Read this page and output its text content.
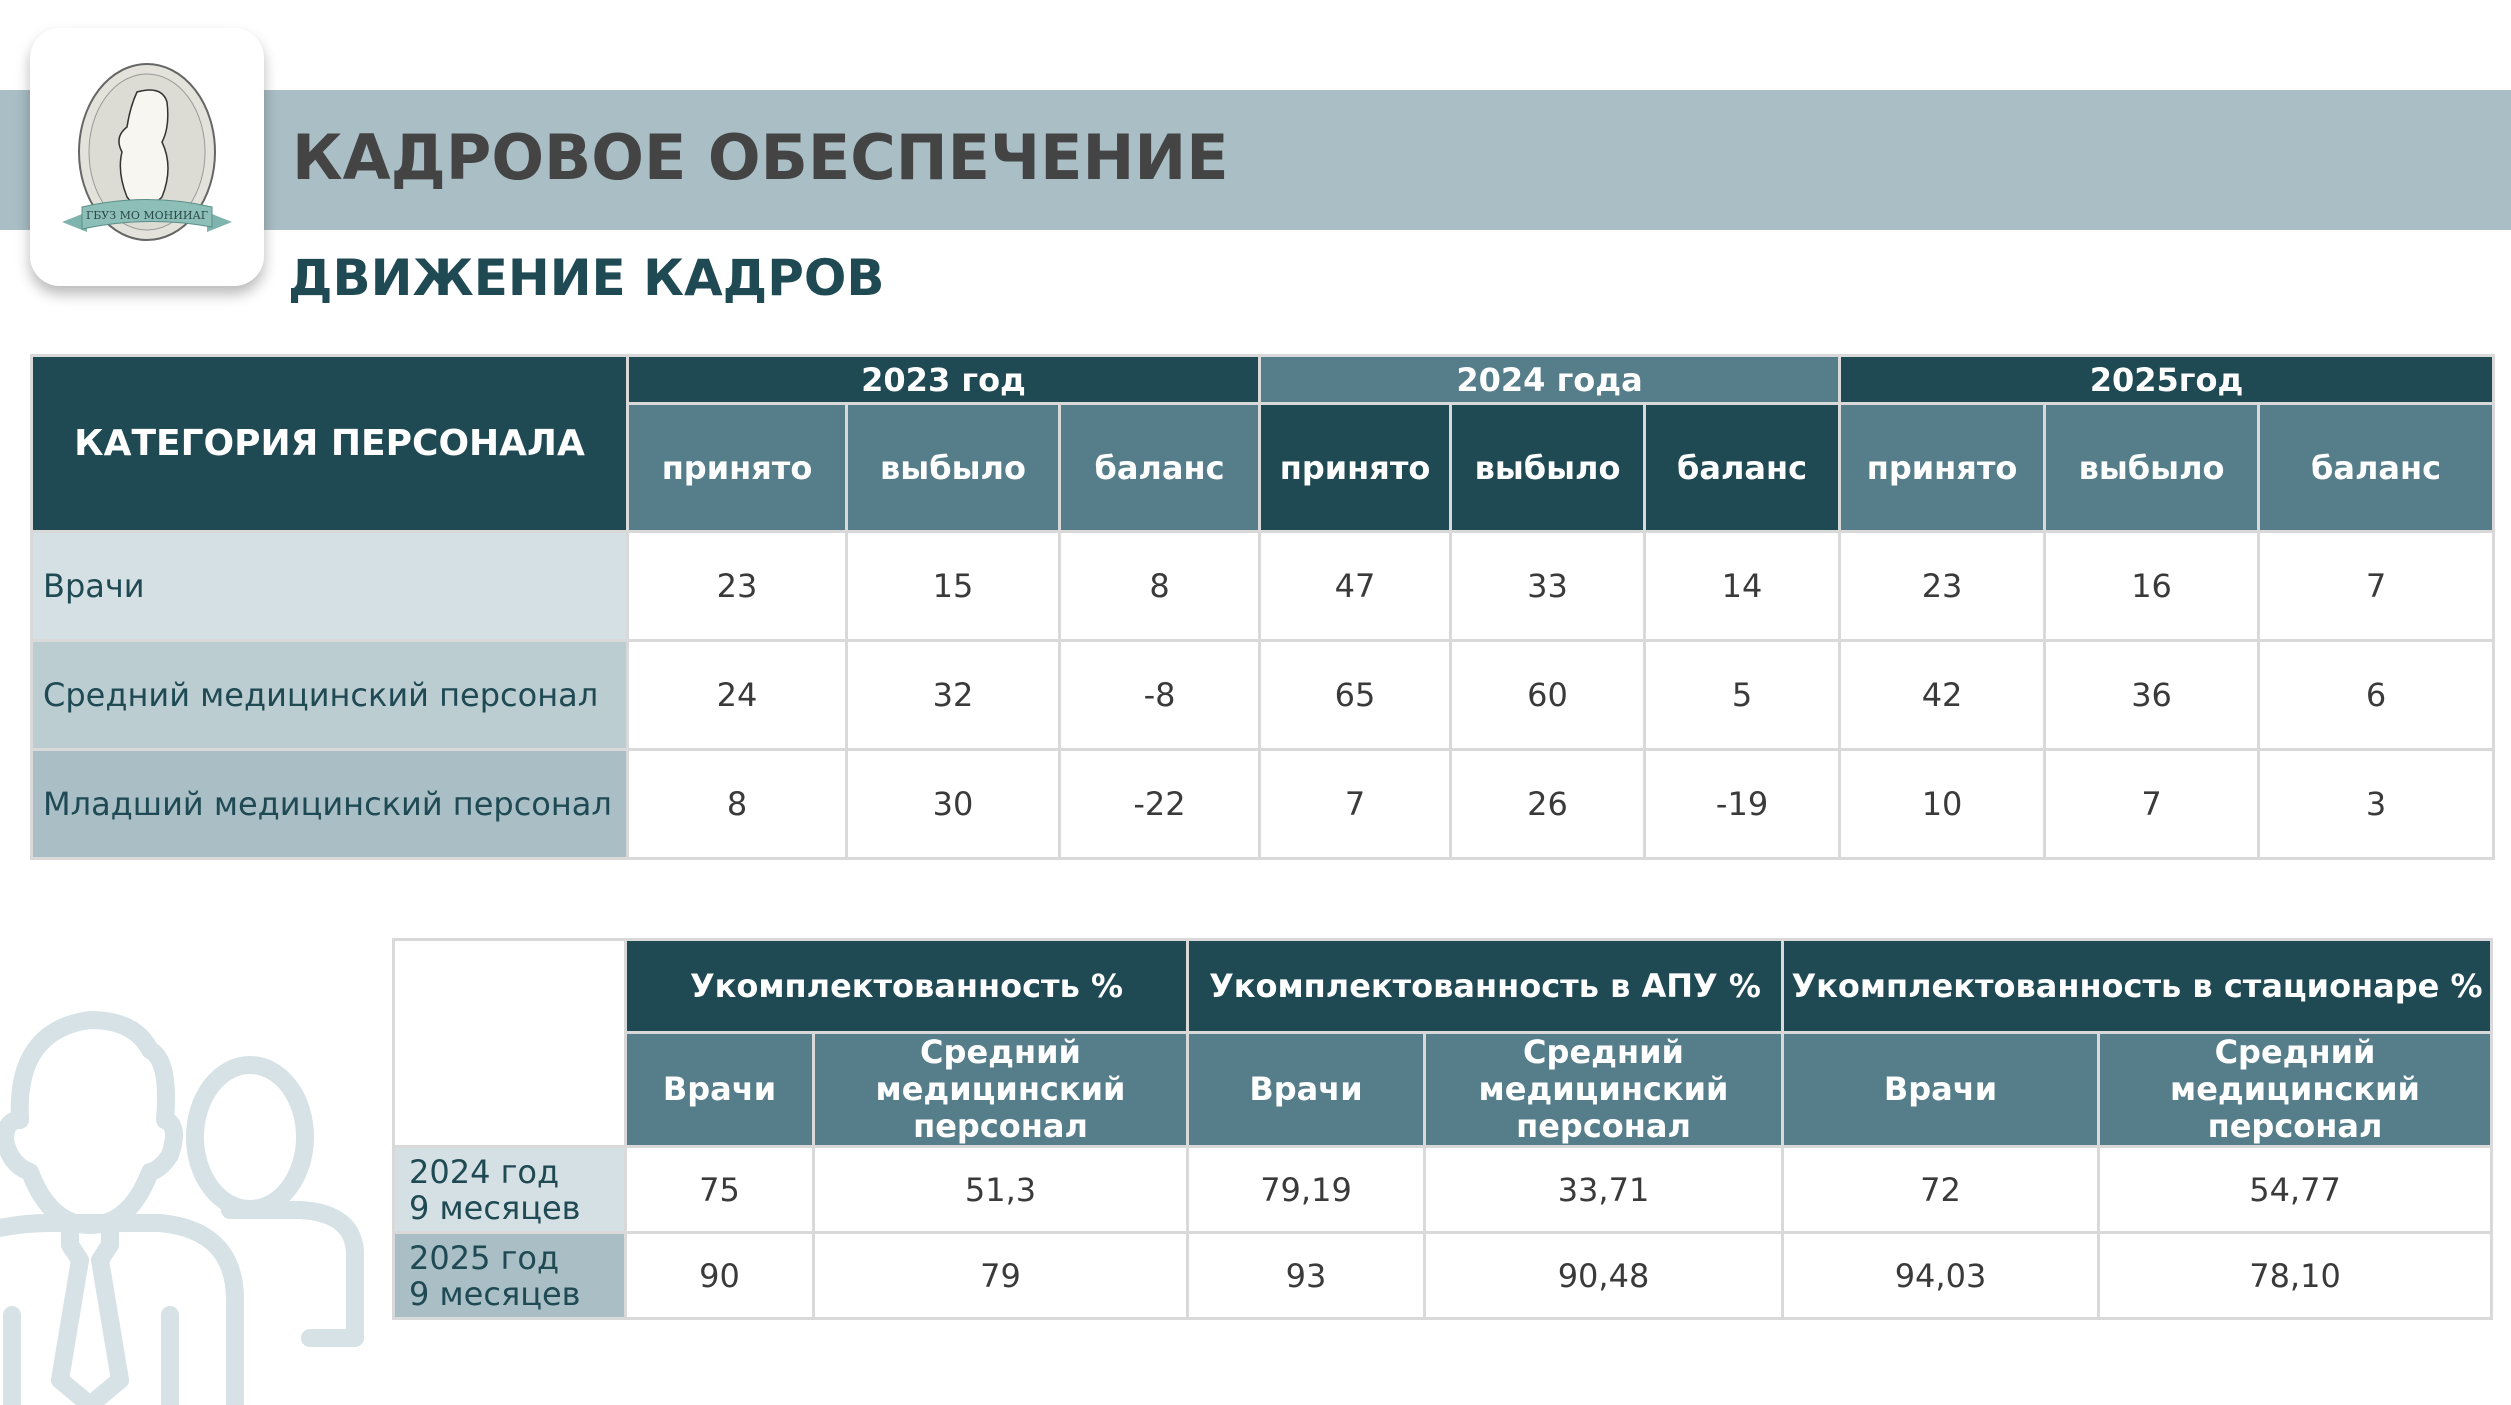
ГБУЗ МО МОНИИАГ
КАДРОВОЕ ОБЕСПЕЧЕНИЕ
ДВИЖЕНИЕ КАДРОВ
КАТЕГОРИЯ ПЕРСОНАЛА	2023 год			2024 года			2025год		
	принято	выбыло	баланс	принято	выбыло	баланс	принято	выбыло	баланс
Врачи	23	15	8	47	33	14	23	16	7
Средний медицинский персонал	24	32	-8	65	60	5	42	36	6
Младший медицинский персонал	8	30	-22	7	26	-19	10	7	3
	Укомплектованность %		Укомплектованность в АПУ %		Укомплектованность в стационаре %	
	Врачи	Средний медицинский персонал	Врачи	Средний медицинский персонал	Врачи	Средний медицинский персонал

2024 год
9 месяцев	75	51,3	79,19	33,71	72	54,77

2025 год
9 месяцев	90	79	93	90,48	94,03	78,10
